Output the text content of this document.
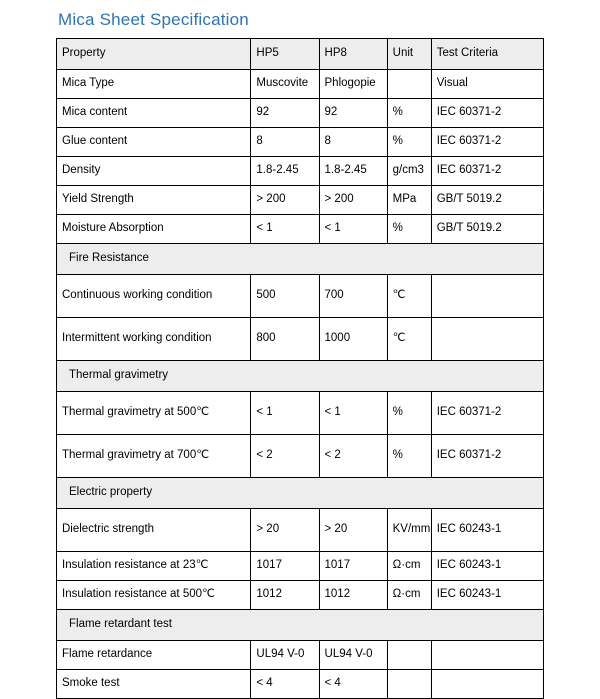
Mica Sheet Specification
Property	HP5	HP8	Unit	Test Criteria
Mica Type	Muscovite	Phlogopie		Visual
Mica content	92	92	%	IEC 60371-2
Glue content	8	8	%	IEC 60371-2
Density	1.8-2.45	1.8-2.45	g/cm3	IEC 60371-2
Yield Strength	> 200	> 200	MPa	GB/T 5019.2
Moisture Absorption	< 1	< 1	%	GB/T 5019.2
Fire Resistance				
Continuous working condition	500	700	℃	
Intermittent working condition	800	1000	℃	
Thermal gravimetry				
Thermal gravimetry at 500℃	< 1	< 1	%	IEC 60371-2
Thermal gravimetry at 700℃	< 2	< 2	%	IEC 60371-2
Electric property				
Dielectric strength	> 20	> 20	KV/mm	IEC 60243-1
Insulation resistance at 23℃	1017	1017	Ω·cm	IEC 60243-1
Insulation resistance at 500℃	1012	1012	Ω·cm	IEC 60243-1
Flame retardant test				
Flame retardance	UL94 V-0	UL94 V-0		
Smoke test	< 4	< 4		
